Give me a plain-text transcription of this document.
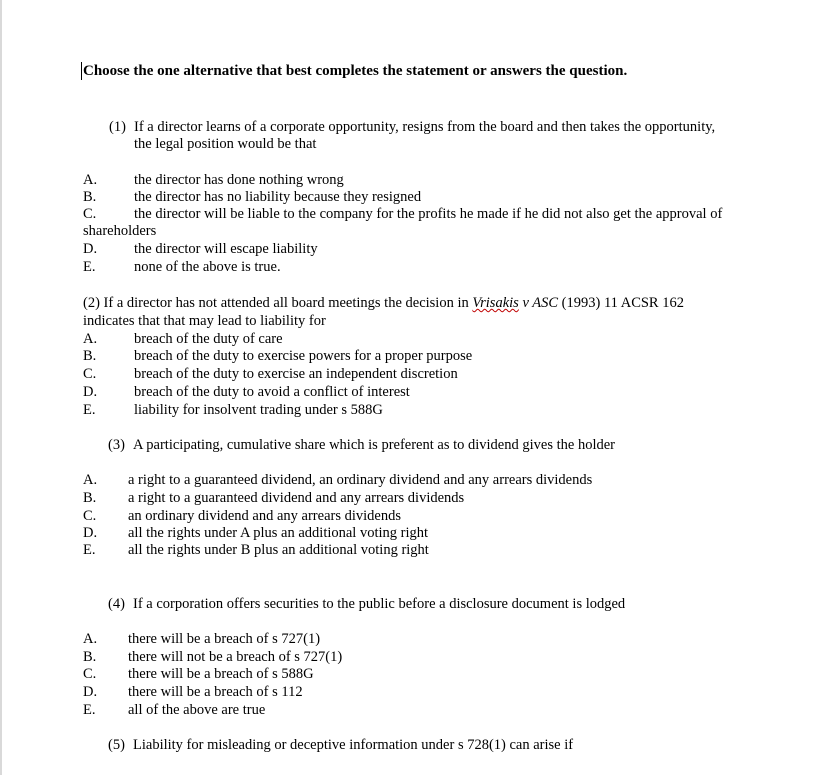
Choose the one alternative that best completes the statement or answers the question.
(1) If a director learns of a corporate opportunity, resigns from the board and then takes the opportunity,
the legal position would be that
A.	the director has done nothing wrong
B.	the director has no liability because they resigned
C.	the director will be liable to the company for the profits he made if he did not also get the approval of
shareholders
D.	the director will escape liability
E.	none of the above is true.
(2) If a director has not attended all board meetings the decision in Vrisakis v ASC (1993) 11 ACSR 162
indicates that that may lead to liability for
A.	breach of the duty of care
B.	breach of the duty to exercise powers for a proper purpose
C.	breach of the duty to exercise an independent discretion
D.	breach of the duty to avoid a conflict of interest
E.	liability for insolvent trading under s 588G
(3) A participating, cumulative share which is preferent as to dividend gives the holder
A. a right to a guaranteed dividend, an ordinary dividend and any arrears dividends
B. a right to a guaranteed dividend and any arrears dividends
C. an ordinary dividend and any arrears dividends
D. all the rights under A plus an additional voting right
E. all the rights under B plus an additional voting right
(4) If a corporation offers securities to the public before a disclosure document is lodged
A. there will be a breach of s 727(1)
B. there will not be a breach of s 727(1)
C. there will be a breach of s 588G
D. there will be a breach of s 112
E. all of the above are true
(5) Liability for misleading or deceptive information under s 728(1) can arise if
